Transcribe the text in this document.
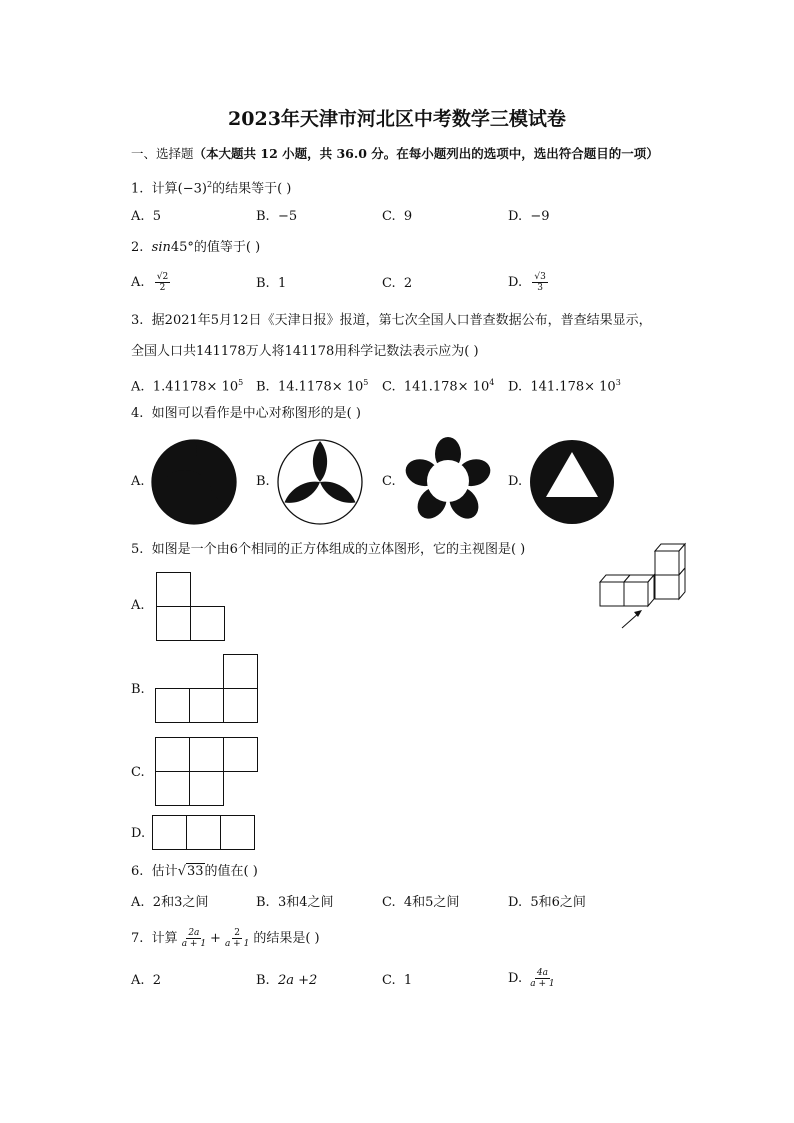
2023年天津市河北区中考数学三模试卷
一、选择题（本大题共 12 小题，共 36.0 分。在每小题列出的选项中，选出符合题目的一项）
1. 计算$(-3)^2$的结果等于( )
A. 5	B. −5	C. 9	D. −9
2. sin45°的值等于( )
A. $\frac{√2}{2}$	B. 1	C. 2	D. $\frac{√3}{3}$
3. 据2021年5月12日《天津日报》报道，第七次全国人口普查数据公布，普查结果显示，
全国人口共141178万人将141178用科学记数法表示应为( )
A. $1.41178\times 10^5$ B. $14.1178\times 10^5$ C. $141.178\times 10^4$ D. $141.178\times 10^3$
4. 如图可以看作是中心对称图形的是( )
A.	B.	C.	D.
5. 如图是一个由6个相同的正方体组成的立体图形，它的主视图是( )
A.
B.
C.
D.
6. 估计√33的值在( )
A. 2和3之间	B. 3和4之间	C. 4和5之间	D. 5和6之间
7. 计算 $\frac{2a}{a + 1} + \frac{2}{a + 1}$ 的结果是( )
A. 2	B. 2a +2	C. 1	D. $\frac{4a}{a + 1}$
